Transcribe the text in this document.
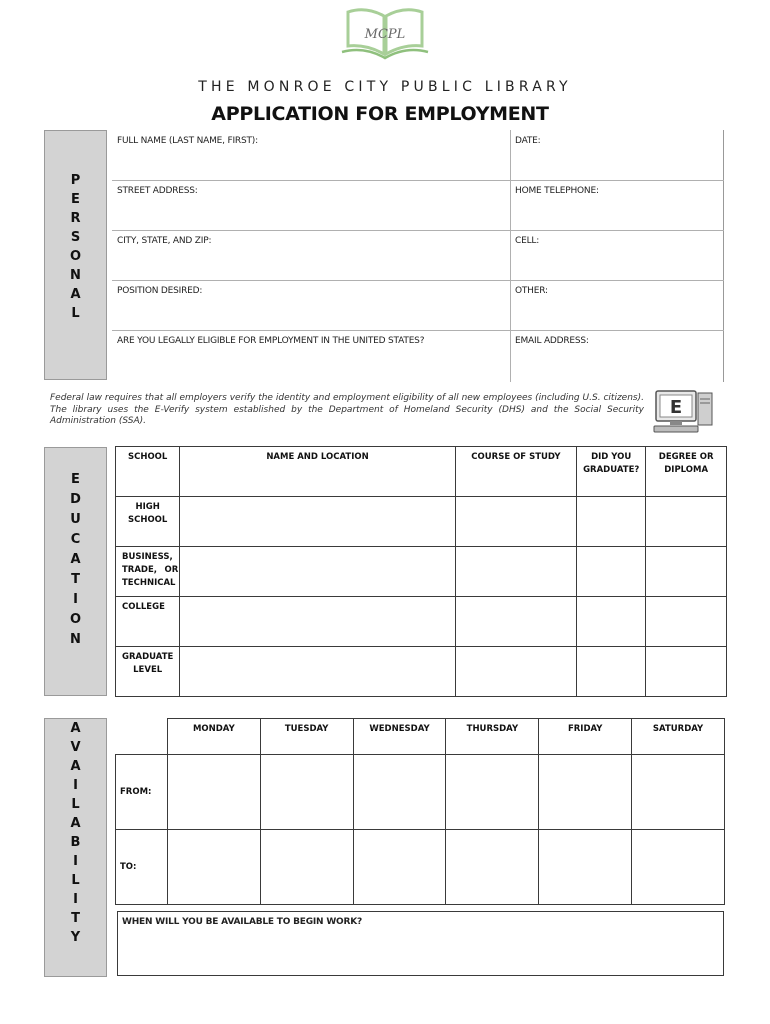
MCPL
THE MONROE CITY PUBLIC LIBRARY
APPLICATION FOR EMPLOYMENT
P
E
R
S
O
N
A
L
FULL NAME (LAST NAME, FIRST):	DATE:
STREET ADDRESS:	HOME TELEPHONE:
CITY, STATE, AND ZIP:	CELL:
POSITION DESIRED:	OTHER:
ARE YOU LEGALLY ELIGIBLE FOR EMPLOYMENT IN THE UNITED STATES?	EMAIL ADDRESS:
Federal law requires that all employers verify the identity and employment eligibility of all new employees (including U.S. citizens). The library uses the E-Verify system established by the Department of Homeland Security (DHS) and the Social Security Administration (SSA).
E
E
D
U
C
A
T
I
O
N
SCHOOL	NAME AND LOCATION	COURSE OF STUDY	DID YOU GRADUATE?	DEGREE OR DIPLOMA
HIGH SCHOOL				
BUSINESS, TRADE, OR TECHNICAL				
COLLEGE				
GRADUATE LEVEL				
A
V
A
I
L
A
B
I
L
I
T
Y
	MONDAY	TUESDAY	WEDNESDAY	THURSDAY	FRIDAY	SATURDAY
FROM:						
TO:						
WHEN WILL YOU BE AVAILABLE TO BEGIN WORK?
